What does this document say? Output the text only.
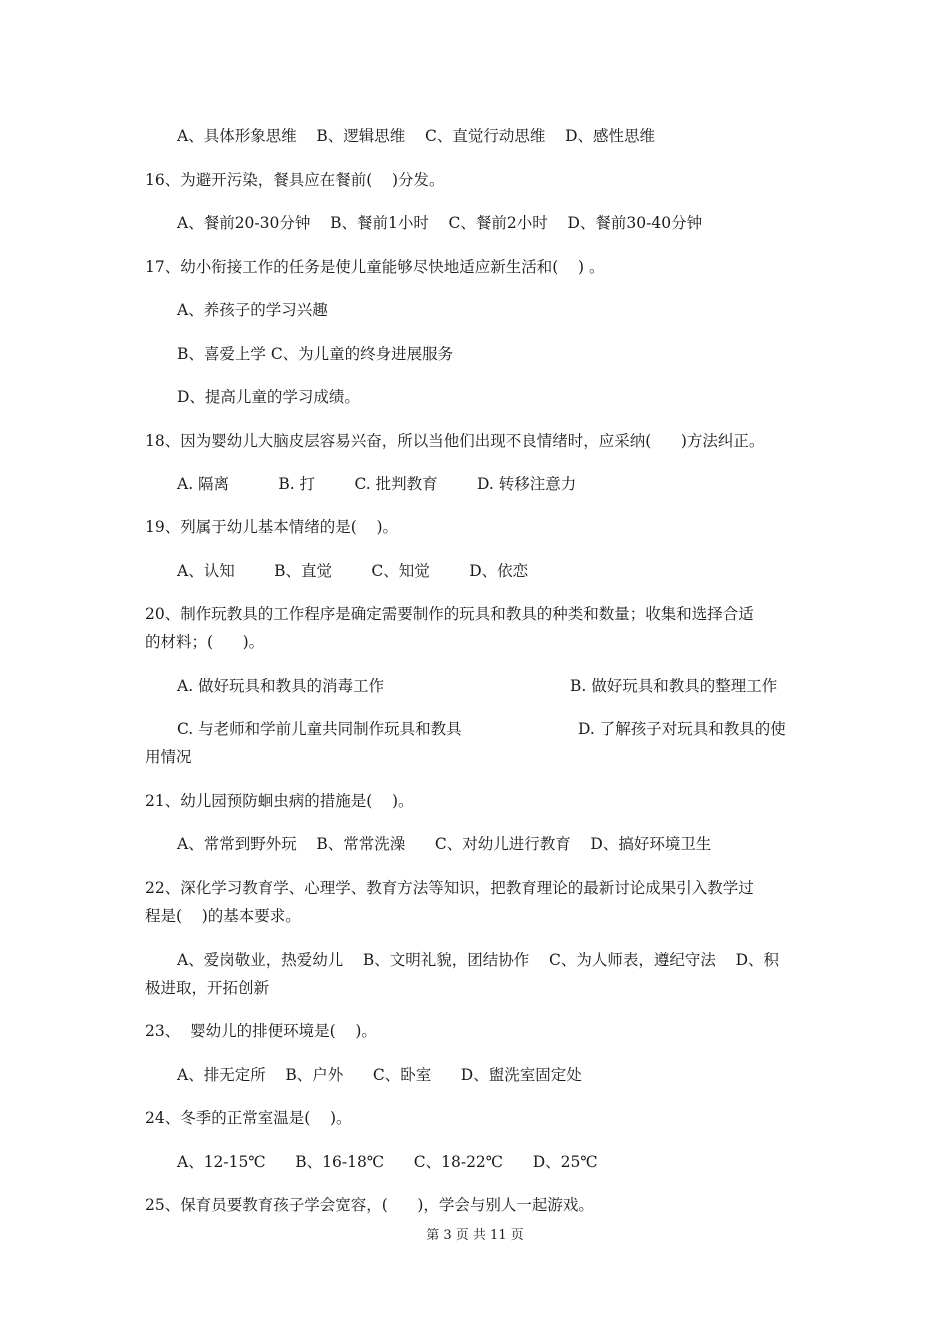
A、具体形象思维    B、逻辑思维    C、直觉行动思维    D、感性思维
16、为避开污染，餐具应在餐前(    )分发。
A、餐前20-30分钟    B、餐前1小时    C、餐前2小时    D、餐前30-40分钟
17、幼小衔接工作的任务是使儿童能够尽快地适应新生活和(    ) 。
A、养孩子的学习兴趣
B、喜爱上学 C、为儿童的终身进展服务
D、提高儿童的学习成绩。
18、因为婴幼儿大脑皮层容易兴奋，所以当他们出现不良情绪时，应采纳(      )方法纠正。
A. 隔离          B. 打        C. 批判教育        D. 转移注意力
19、列属于幼儿基本情绪的是(    )。
A、认知        B、直觉        C、知觉        D、依恋
20、制作玩教具的工作程序是确定需要制作的玩具和教具的种类和数量；收集和选择合适
的材料；(      )。
A. 做好玩具和教具的消毒工作	B. 做好玩具和教具的整理工作
C. 与老师和学前儿童共同制作玩具和教具	D. 了解孩子对玩具和教具的使
用情况
21、幼儿园预防蛔虫病的措施是(    )。
A、常常到野外玩    B、常常洗澡      C、对幼儿进行教育    D、搞好环境卫生
22、深化学习教育学、心理学、教育方法等知识，把教育理论的最新讨论成果引入教学过
程是(    )的基本要求。
A、爱岗敬业，热爱幼儿    B、文明礼貌，团结协作    C、为人师表，遵纪守法    D、积
极进取，开拓创新
23、  婴幼儿的排便环境是(    )。
A、排无定所    B、户外      C、卧室      D、盥洗室固定处
24、冬季的正常室温是(    )。
A、12-15℃      B、16-18℃      C、18-22℃      D、25℃
25、保育员要教育孩子学会宽容，(      )，学会与别人一起游戏。
第 3 页 共 11 页
